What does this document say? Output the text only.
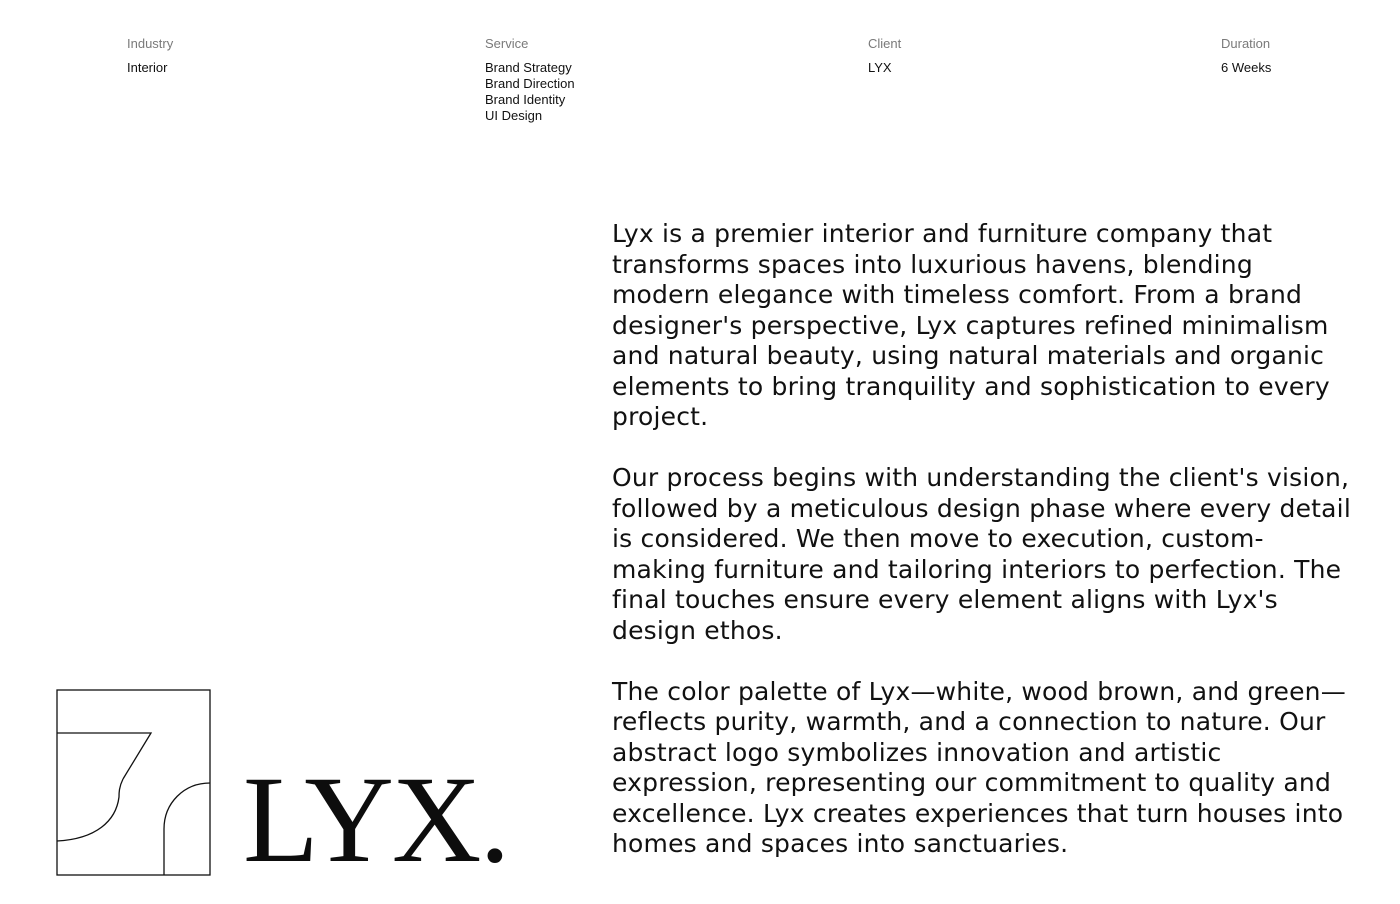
Industry
Interior
Service
Brand Strategy
Brand Direction
Brand Identity
UI Design
Client
LYX
Duration
6 Weeks

Lyx is a premier interior and furniture company that transforms spaces into luxurious havens, blending modern elegance with timeless comfort. From a brand designer's perspective, Lyx captures refined minimalism and natural beauty, using natural materials and organic elements to bring tranquility and sophistication to every project.

Our process begins with understanding the client's vision, followed by a meticulous design phase where every detail is considered. We then move to execution, custom-making furniture and tailoring interiors to perfection. The final touches ensure every element aligns with Lyx's design ethos.

The color palette of Lyx—white, wood brown, and green—reflects purity, warmth, and a connection to nature. Our abstract logo symbolizes innovation and artistic expression, representing our commitment to quality and excellence. Lyx creates experiences that turn houses into homes and spaces into sanctuaries.

LYX.
